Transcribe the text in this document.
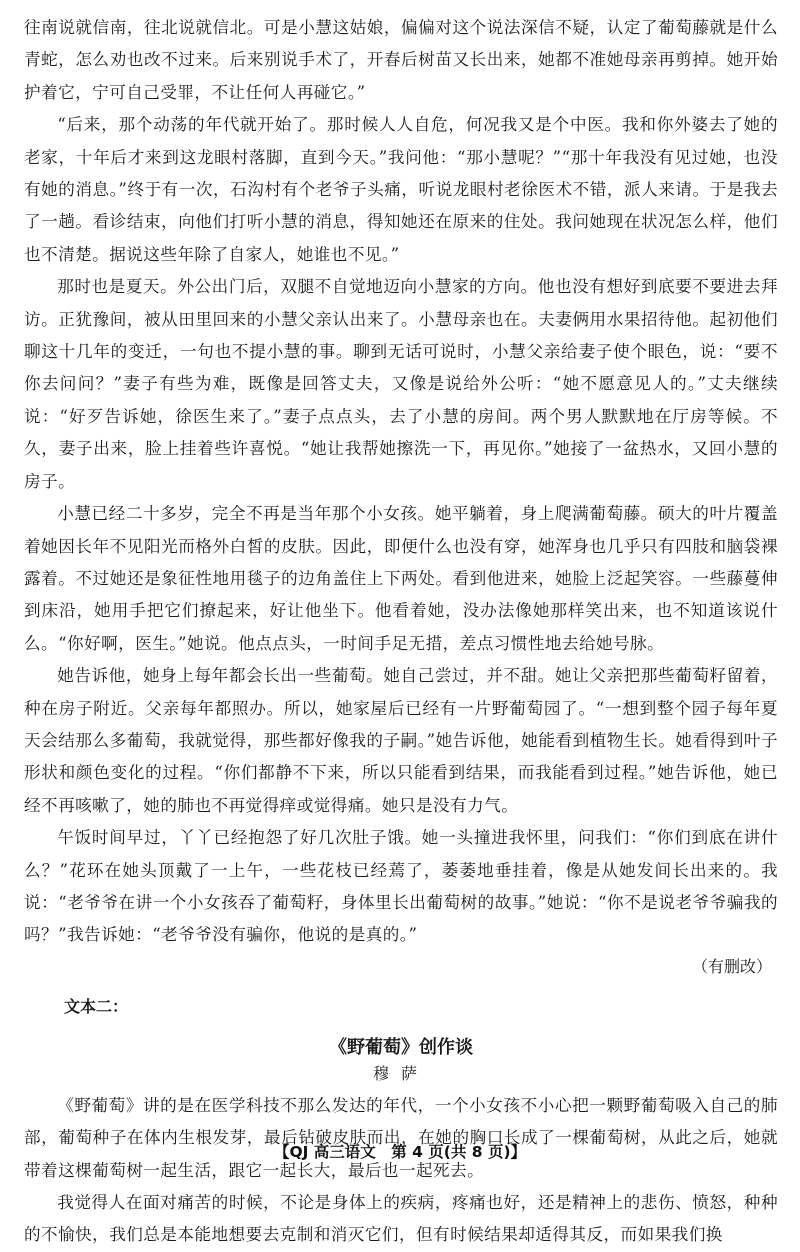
往南说就信南，往北说就信北。可是小慧这姑娘，偏偏对这个说法深信不疑，认定了葡萄藤就是什么青蛇，怎么劝也改不过来。后来别说手术了，开春后树苗又长出来，她都不准她母亲再剪掉。她开始护着它，宁可自己受罪，不让任何人再碰它。”

“后来，那个动荡的年代就开始了。那时候人人自危，何况我又是个中医。我和你外婆去了她的老家，十年后才来到这龙眼村落脚，直到今天。”我问他：“那小慧呢？”“那十年我没有见过她，也没有她的消息。”终于有一次，石沟村有个老爷子头痛，听说龙眼村老徐医术不错，派人来请。于是我去了一趟。看诊结束，向他们打听小慧的消息，得知她还在原来的住处。我问她现在状况怎么样，他们也不清楚。据说这些年除了自家人，她谁也不见。”

那时也是夏天。外公出门后，双腿不自觉地迈向小慧家的方向。他也没有想好到底要不要进去拜访。正犹豫间，被从田里回来的小慧父亲认出来了。小慧母亲也在。夫妻俩用水果招待他。起初他们聊这十几年的变迁，一句也不提小慧的事。聊到无话可说时，小慧父亲给妻子使个眼色，说：“要不你去问问？”妻子有些为难，既像是回答丈夫，又像是说给外公听：“她不愿意见人的。”丈夫继续说：“好歹告诉她，徐医生来了。”妻子点点头，去了小慧的房间。两个男人默默地在厅房等候。不久，妻子出来，脸上挂着些许喜悦。“她让我帮她擦洗一下，再见你。”她接了一盆热水，又回小慧的房子。

小慧已经二十多岁，完全不再是当年那个小女孩。她平躺着，身上爬满葡萄藤。硕大的叶片覆盖着她因长年不见阳光而格外白皙的皮肤。因此，即便什么也没有穿，她浑身也几乎只有四肢和脑袋裸露着。不过她还是象征性地用毯子的边角盖住上下两处。看到他进来，她脸上泛起笑容。一些藤蔓伸到床沿，她用手把它们撩起来，好让他坐下。他看着她，没办法像她那样笑出来，也不知道该说什么。“你好啊，医生。”她说。他点点头，一时间手足无措，差点习惯性地去给她号脉。

她告诉他，她身上每年都会长出一些葡萄。她自己尝过，并不甜。她让父亲把那些葡萄籽留着，种在房子附近。父亲每年都照办。所以，她家屋后已经有一片野葡萄园了。“一想到整个园子每年夏天会结那么多葡萄，我就觉得，那些都好像我的子嗣。”她告诉他，她能看到植物生长。她看得到叶子形状和颜色变化的过程。“你们都静不下来，所以只能看到结果，而我能看到过程。”她告诉他，她已经不再咳嗽了，她的肺也不再觉得痒或觉得痛。她只是没有力气。

午饭时间早过，丫丫已经抱怨了好几次肚子饿。她一头撞进我怀里，问我们：“你们到底在讲什么？”花环在她头顶戴了一上午，一些花枝已经蔫了，萎萎地垂挂着，像是从她发间长出来的。我说：“老爷爷在讲一个小女孩吞了葡萄籽，身体里长出葡萄树的故事。”她说：“你不是说老爷爷骗我的吗？”我告诉她：“老爷爷没有骗你，他说的是真的。”

（有删改）

文本二：
《野葡萄》创作谈
穆萨

《野葡萄》讲的是在医学科技不那么发达的年代，一个小女孩不小心把一颗野葡萄吸入自己的肺部，葡萄种子在体内生根发芽，最后钻破皮肤而出，在她的胸口长成了一棵葡萄树，从此之后，她就带着这棵葡萄树一起生活，跟它一起长大，最后也一起死去。

我觉得人在面对痛苦的时候，不论是身体上的疾病，疼痛也好，还是精神上的悲伤、愤怒，种种的不愉快，我们总是本能地想要去克制和消灭它们，但有时候结果却适得其反，而如果我们换

【QJ 高三语文 第 4 页(共 8 页)】
